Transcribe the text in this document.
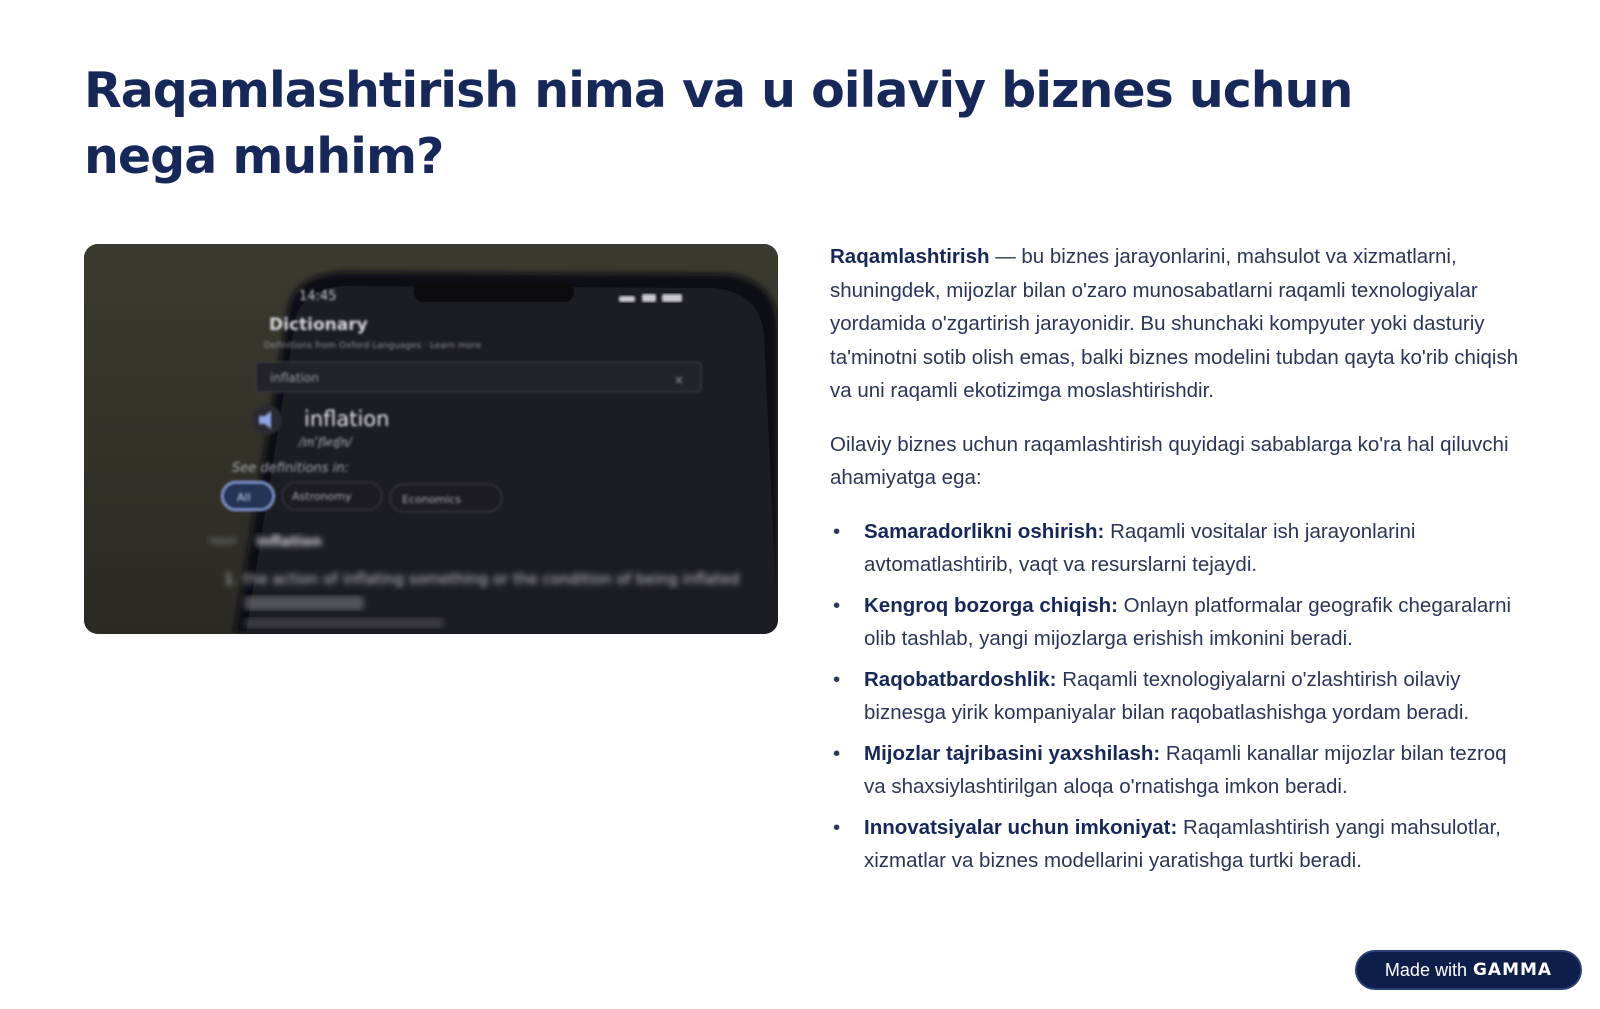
Raqamlashtirish nima va u oilaviy biznes uchun nega muhim?
14:45
Dictionary
Definitions from Oxford Languages · Learn more
inflation	×
inflation
/ɪnˈfleɪʃn/
See definitions in:
All	Astronomy	Economics
noun inflation
1. the action of inflating something or the condition of being inflated

Raqamlashtirish — bu biznes jarayonlarini, mahsulot va xizmatlarni, shuningdek, mijozlar bilan o'zaro munosabatlarni raqamli texnologiyalar yordamida o'zgartirish jarayonidir. Bu shunchaki kompyuter yoki dasturiy ta'minotni sotib olish emas, balki biznes modelini tubdan qayta ko'rib chiqish va uni raqamli ekotizimga moslashtirishdir.

Oilaviy biznes uchun raqamlashtirish quyidagi sabablarga ko'ra hal qiluvchi ahamiyatga ega:

• Samaradorlikni oshirish: Raqamli vositalar ish jarayonlarini avtomatlashtirib, vaqt va resurslarni tejaydi.
• Kengroq bozorga chiqish: Onlayn platformalar geografik chegaralarni olib tashlab, yangi mijozlarga erishish imkonini beradi.
• Raqobatbardoshlik: Raqamli texnologiyalarni o'zlashtirish oilaviy biznesga yirik kompaniyalar bilan raqobatlashishga yordam beradi.
• Mijozlar tajribasini yaxshilash: Raqamli kanallar mijozlar bilan tezroq va shaxsiylashtirilgan aloqa o'rnatishga imkon beradi.
• Innovatsiyalar uchun imkoniyat: Raqamlashtirish yangi mahsulotlar, xizmatlar va biznes modellarini yaratishga turtki beradi.
Made with GAMMA
